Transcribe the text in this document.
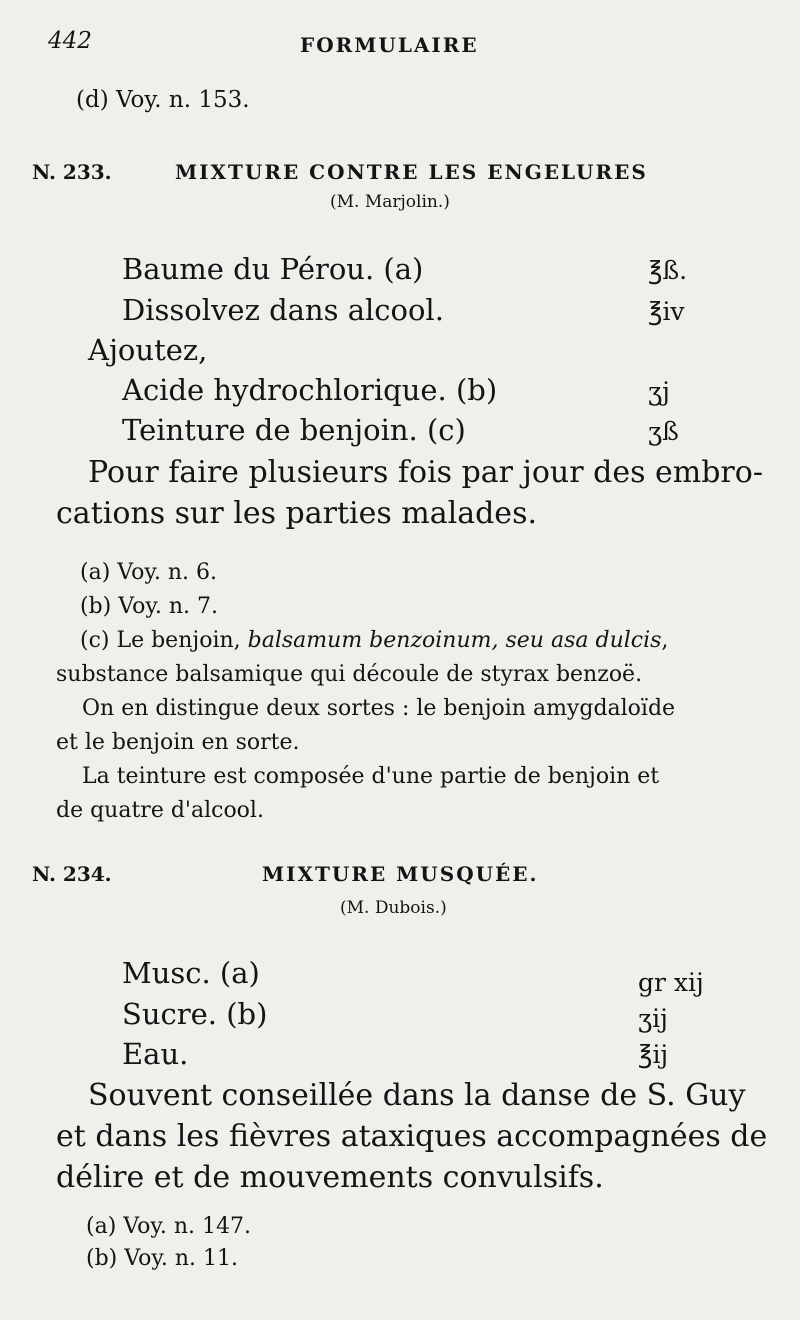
442	FORMULAIRE
(d) Voy. n. 153.
N. 233.	MIXTURE CONTRE LES ENGELURES
(M. Marjolin.)
Baume du Pérou. (a)	℥ß.
Dissolvez dans alcool.	℥iv
Ajoutez,
Acide hydrochlorique. (b)	ʒj
Teinture de benjoin. (c)	ʒß
Pour faire plusieurs fois par jour des embro-
cations sur les parties malades.
(a) Voy. n. 6.
(b) Voy. n. 7.
(c) Le benjoin, balsamum benzoinum, seu asa dulcis,
substance balsamique qui découle de styrax benzoë.
On en distingue deux sortes : le benjoin amygdaloïde
et le benjoin en sorte.
La teinture est composée d'une partie de benjoin et
de quatre d'alcool.
N. 234.	MIXTURE MUSQUÉE.
(M. Dubois.)
Musc. (a)	gr xij
Sucre. (b)	ʒij
Eau.	℥ij
Souvent conseillée dans la danse de S. Guy
et dans les fièvres ataxiques accompagnées de
délire et de mouvements convulsifs.
(a) Voy. n. 147.
(b) Voy. n. 11.
